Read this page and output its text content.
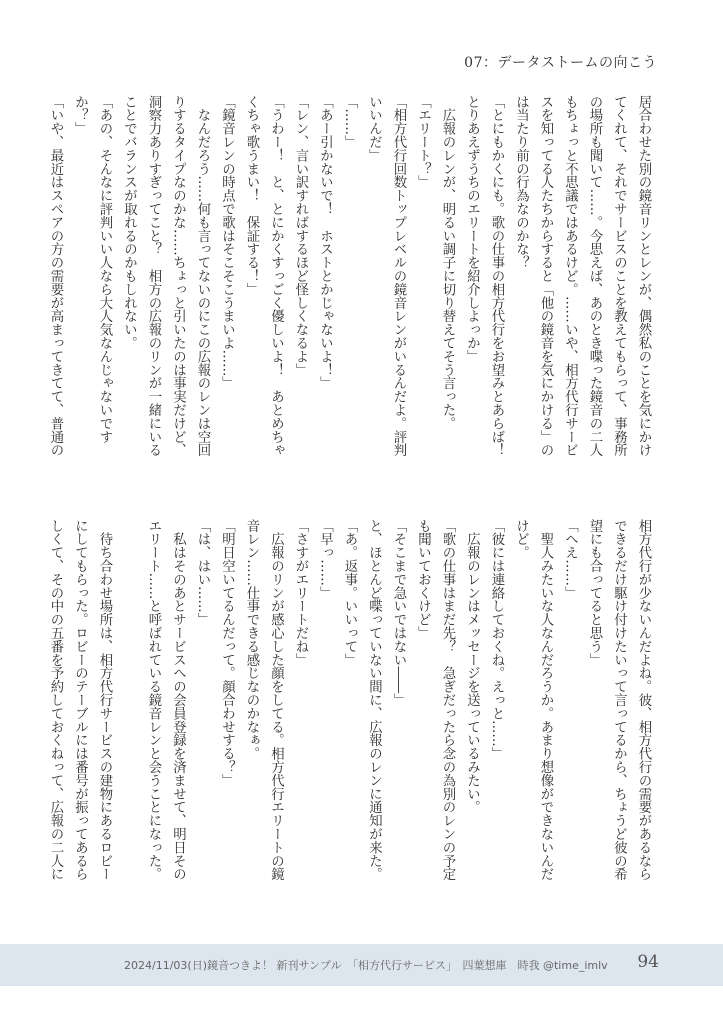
07：データストームの向こう
居合わせた別の鏡音リンとレンが、偶然私のことを気にかけ
てくれて、それでサービスのことを教えてもらって、事務所
の場所も聞いて……。今思えば、あのとき喋った鏡音の二人
もちょっと不思議ではあるけど。……いや、相方代行サービ
スを知ってる人たちからすると「他の鏡音を気にかける」の
は当たり前の行為なのかな？
「とにもかくにも。歌の仕事の相方代行をお望みとあらば！
とりあえずうちのエリートを紹介しよっか」
　広報のレンが、明るい調子に切り替えてそう言った。
「エリート？」
「相方代行回数トップレベルの鏡音レンがいるんだよ。評判
いいんだ」
「……」
「あー引かないで！　ホストとかじゃないよ！」
「レン、言い訳すればするほど怪しくなるよ」
「うわー！　と、とにかくすっごく優しいよ！　あとめちゃ
くちゃ歌うまい！　保証する！」
「鏡音レンの時点で歌はそこそこうまいよ……」
　なんだろう……何も言ってないのにこの広報のレンは空回
りするタイプなのかな……ちょっと引いたのは事実だけど、
洞察力ありすぎってこと？　相方の広報のリンが一緒にいる
ことでバランスが取れるのかもしれない。
「あの、そんなに評判いい人なら大人気なんじゃないです
か？」
「いや、最近はスペアの方の需要が高まってきてて、普通の
相方代行が少ないんだよね。彼、相方代行の需要があるなら
できるだけ駆け付けたいって言ってるから、ちょうど彼の希
望にも合ってると思う」
「へえ……」
　聖人みたいな人なんだろうか。あまり想像ができないんだ
けど。
「彼には連絡しておくね。えっと……」
　広報のレンはメッセージを送っているみたい。
「歌の仕事はまだ先？　急ぎだったら念の為別のレンの予定
も聞いておくけど」
「そこまで急いではない――」
と、ほとんど喋っていない間に、広報のレンに通知が来た。
「あ。返事。いいって」
「早っ……」
「さすがエリートだね」
　広報のリンが感心した顔をしてる。相方代行エリートの鏡
音レン……仕事できる感じなのかなぁ。
「明日空いてるんだって。顔合わせする？」
「は、はい……」
　私はそのあとサービスへの会員登録を済ませて、明日その
エリート……と呼ばれている鏡音レンと会うことになった。

　待ち合わせ場所は、相方代行サービスの建物にあるロビー
にしてもらった。ロビーのテーブルには番号が振ってあるら
しくて、その中の五番を予約しておくねって、広報の二人に
2024/11/03(日)鏡音つきよ！ 新刊サンプル　「相方代行サービス」　四葉想庫　時我 @time_imlv 94
